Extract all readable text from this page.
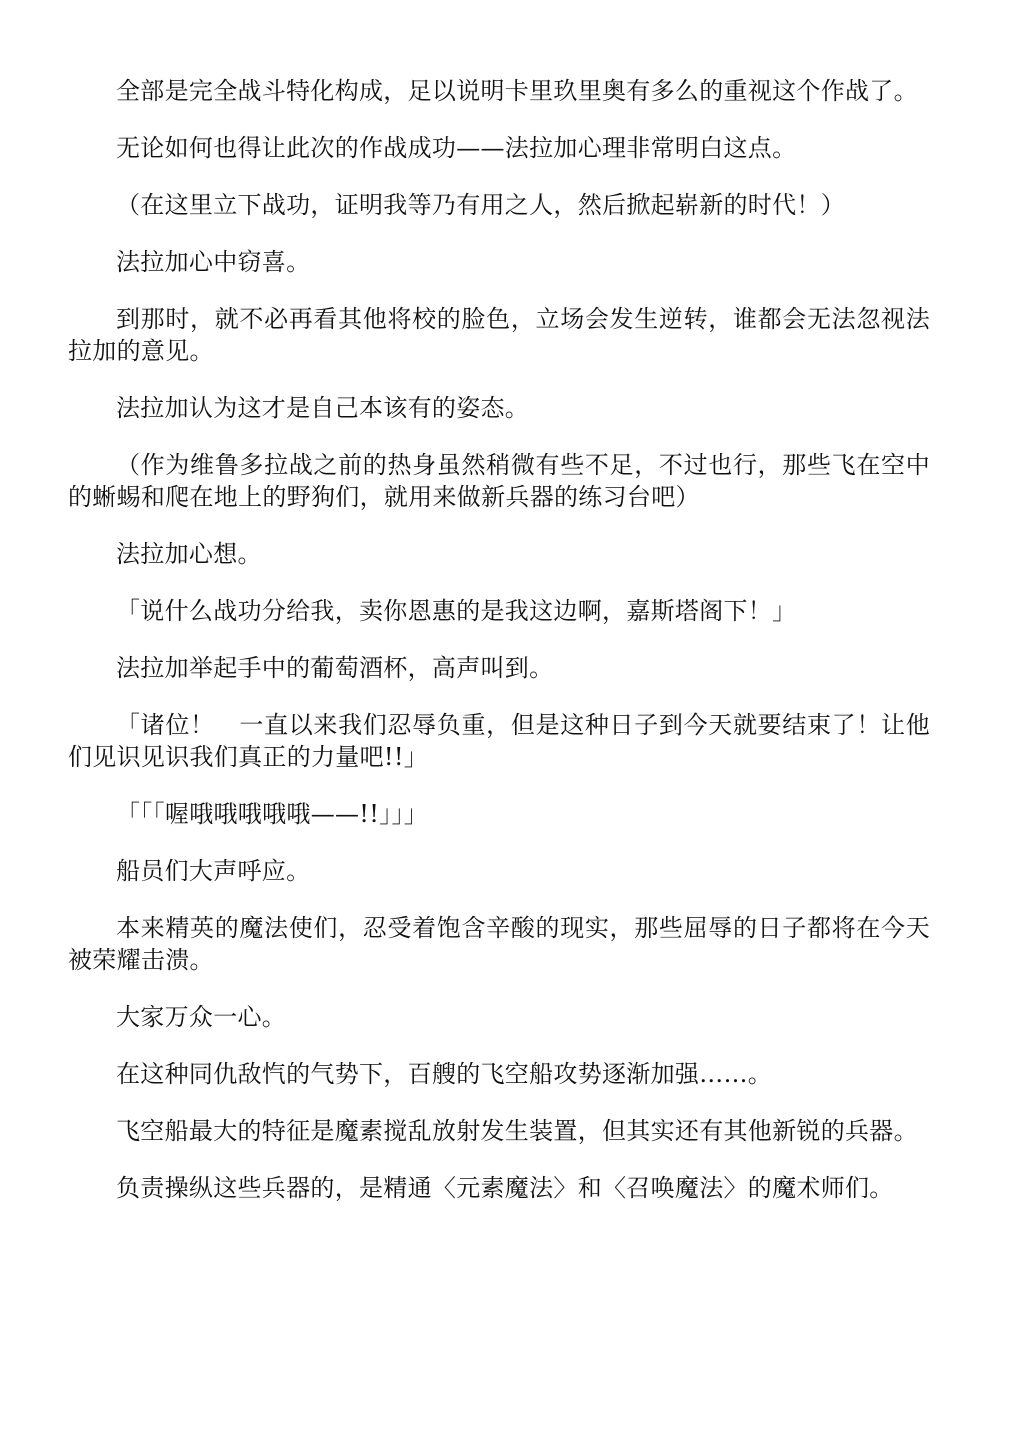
全部是完全战斗特化构成，足以说明卡里玖里奥有多么的重视这个作战了。

无论如何也得让此次的作战成功——法拉加心理非常明白这点。

（在这里立下战功，证明我等乃有用之人，然后掀起崭新的时代！）

法拉加心中窃喜。

到那时，就不必再看其他将校的脸色，立场会发生逆转，谁都会无法忽视法拉加的意见。

法拉加认为这才是自己本该有的姿态。

（作为维鲁多拉战之前的热身虽然稍微有些不足，不过也行，那些飞在空中的蜥蜴和爬在地上的野狗们，就用来做新兵器的练习台吧）

法拉加心想。

「说什么战功分给我，卖你恩惠的是我这边啊，嘉斯塔阁下！」

法拉加举起手中的葡萄酒杯，高声叫到。

「诸位！　一直以来我们忍辱负重，但是这种日子到今天就要结束了！让他们见识见识我们真正的力量吧!!」

「「「喔哦哦哦哦哦——!!」」」

船员们大声呼应。

本来精英的魔法使们，忍受着饱含辛酸的现实，那些屈辱的日子都将在今天被荣耀击溃。

大家万众一心。

在这种同仇敌忾的气势下，百艘的飞空船攻势逐渐加强……。

飞空船最大的特征是魔素搅乱放射发生装置，但其实还有其他新锐的兵器。

负责操纵这些兵器的，是精通〈元素魔法〉和〈召唤魔法〉的魔术师们。
